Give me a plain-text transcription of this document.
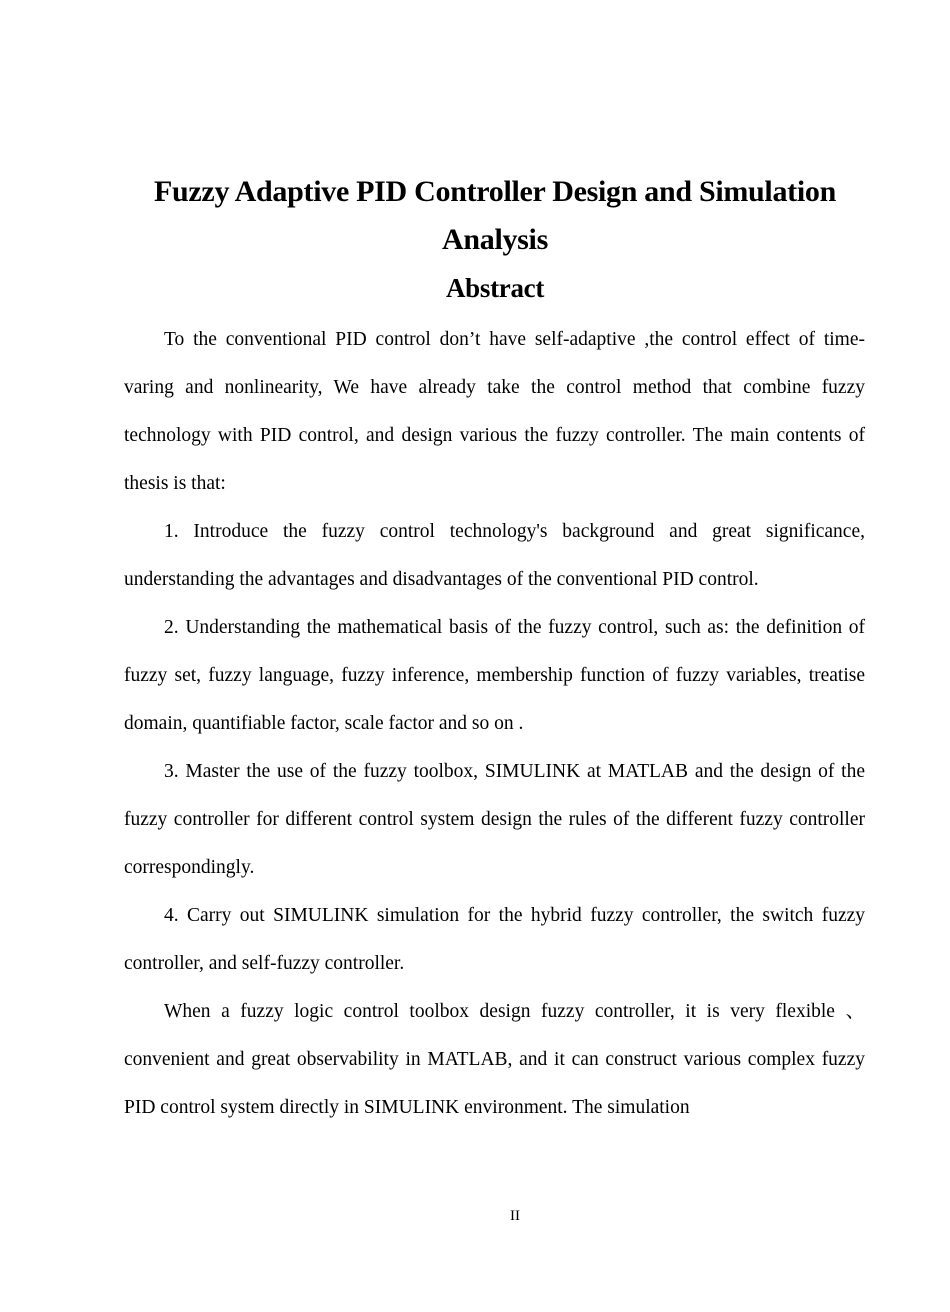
Fuzzy Adaptive PID Controller Design and Simulation Analysis
Abstract

To the conventional PID control don’t have self-adaptive ,the control effect of time-varing and nonlinearity, We have already take the control method that combine fuzzy technology with PID control, and design various the fuzzy controller. The main contents of thesis is that:

1. Introduce the fuzzy control technology's background and great significance, understanding the advantages and disadvantages of the conventional PID control.

2. Understanding the mathematical basis of the fuzzy control, such as: the definition of fuzzy set, fuzzy language, fuzzy inference, membership function of fuzzy variables, treatise domain, quantifiable factor, scale factor and so on .

3. Master the use of the fuzzy toolbox, SIMULINK at MATLAB and the design of the fuzzy controller for different control system design the rules of the different fuzzy controller correspondingly.

4. Carry out SIMULINK simulation for the hybrid fuzzy controller, the switch fuzzy controller, and self-fuzzy controller.

When a fuzzy logic control toolbox design fuzzy controller, it is very flexible 、 convenient and great observability in MATLAB, and it can construct various complex fuzzy PID control system directly in SIMULINK environment. The simulation

II
